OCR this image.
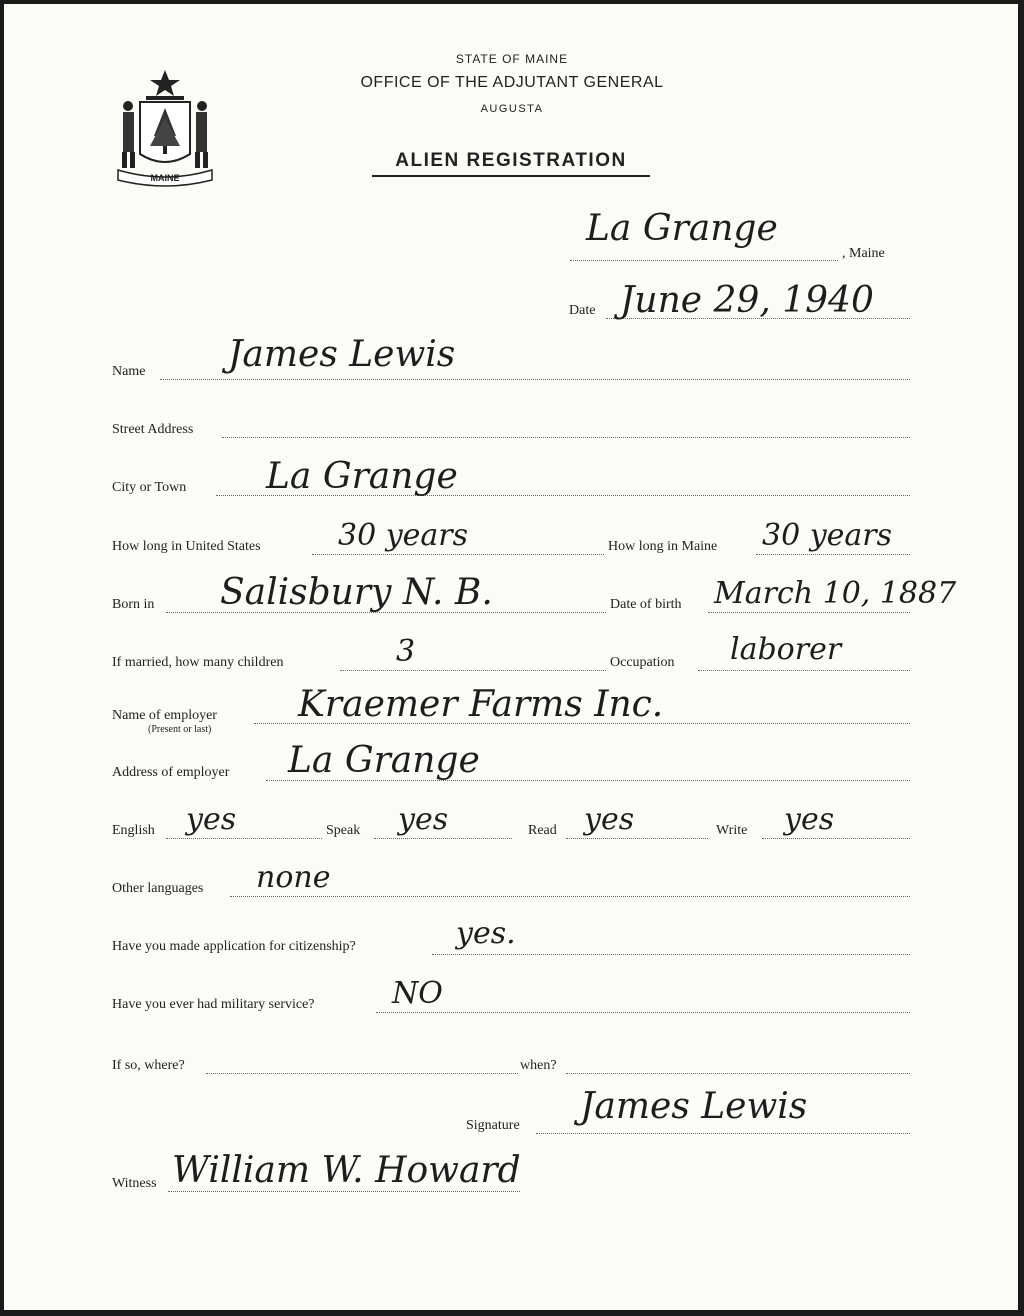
MAINE
STATE OF MAINE
OFFICE OF THE ADJUTANT GENERAL
AUGUSTA
ALIEN REGISTRATION
La Grange
, Maine
Date June 29, 1940
Name James Lewis
Street Address
City or Town La Grange
How long in United States	30 years	How long in Maine 30 years
Born in Salisbury N. B.	Date of birth March 10, 1887
If married, how many children	3	Occupation laborer
Name of employer
(Present or last)
Kraemer Farms Inc.
Address of employer La Grange
English yes	Speak yes	Read yes	Write yes
Other languages none
Have you made application for citizenship?	yes.
Have you ever had military service?	NO
If so, where?	when?
Signature James Lewis
Witness William W. Howard
